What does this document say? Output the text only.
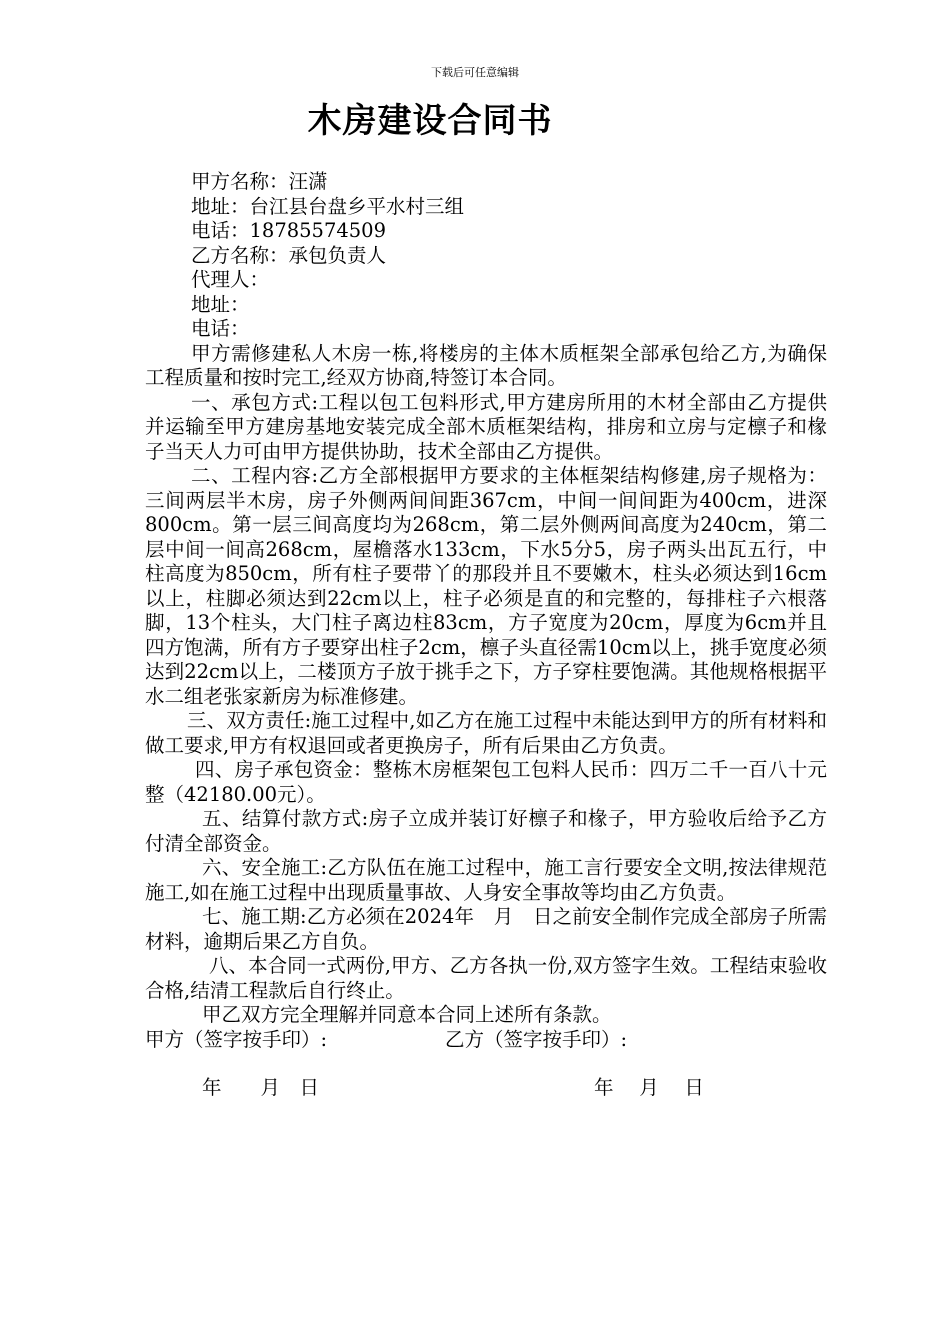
下载后可任意编辑
木房建设合同书
甲方名称：汪潇
地址：台江县台盘乡平水村三组
电话：18785574509
乙方名称：承包负责人
代理人：
地址：
电话：

甲方需修建私人木房一栋,将楼房的主体木质框架全部承包给乙方,为确保工程质量和按时完工,经双方协商,特签订本合同。

一、承包方式:工程以包工包料形式,甲方建房所用的木材全部由乙方提供并运输至甲方建房基地安装完成全部木质框架结构，排房和立房与定檩子和椽子当天人力可由甲方提供协助，技术全部由乙方提供。

二、工程内容:乙方全部根据甲方要求的主体框架结构修建,房子规格为：三间两层半木房，房子外侧两间间距367cm，中间一间间距为400cm，进深800cm。第一层三间高度均为268cm，第二层外侧两间高度为240cm，第二层中间一间高268cm，屋檐落水133cm，下水5分5，房子两头出瓦五行，中柱高度为850cm，所有柱子要带丫的那段并且不要嫩木，柱头必须达到16cm以上，柱脚必须达到22cm以上，柱子必须是直的和完整的，每排柱子六根落脚，13个柱头，大门柱子离边柱83cm，方子宽度为20cm，厚度为6cm并且四方饱满，所有方子要穿出柱子2cm，檩子头直径需10cm以上，挑手宽度必须达到22cm以上，二楼顶方子放于挑手之下，方子穿柱要饱满。其他规格根据平水二组老张家新房为标准修建。

三、双方责任:施工过程中,如乙方在施工过程中未能达到甲方的所有材料和做工要求,甲方有权退回或者更换房子，所有后果由乙方负责。

四、房子承包资金：整栋木房框架包工包料人民币：四万二千一百八十元整（42180.00元）。

五、结算付款方式:房子立成并装订好檩子和椽子，甲方验收后给予乙方付清全部资金。

六、安全施工:乙方队伍在施工过程中，施工言行要安全文明,按法律规范施工,如在施工过程中出现质量事故、人身安全事故等均由乙方负责。

七、施工期:乙方必须在2024年　月　日之前安全制作完成全部房子所需材料，逾期后果乙方自负。

八、本合同一式两份,甲方、乙方各执一份,双方签字生效。工程结束验收合格,结清工程款后自行终止。

甲乙双方完全理解并同意本合同上述所有条款。

甲方（签字按手印）:	乙方（签字按手印）:
年　　月　日	年　 月　 日
